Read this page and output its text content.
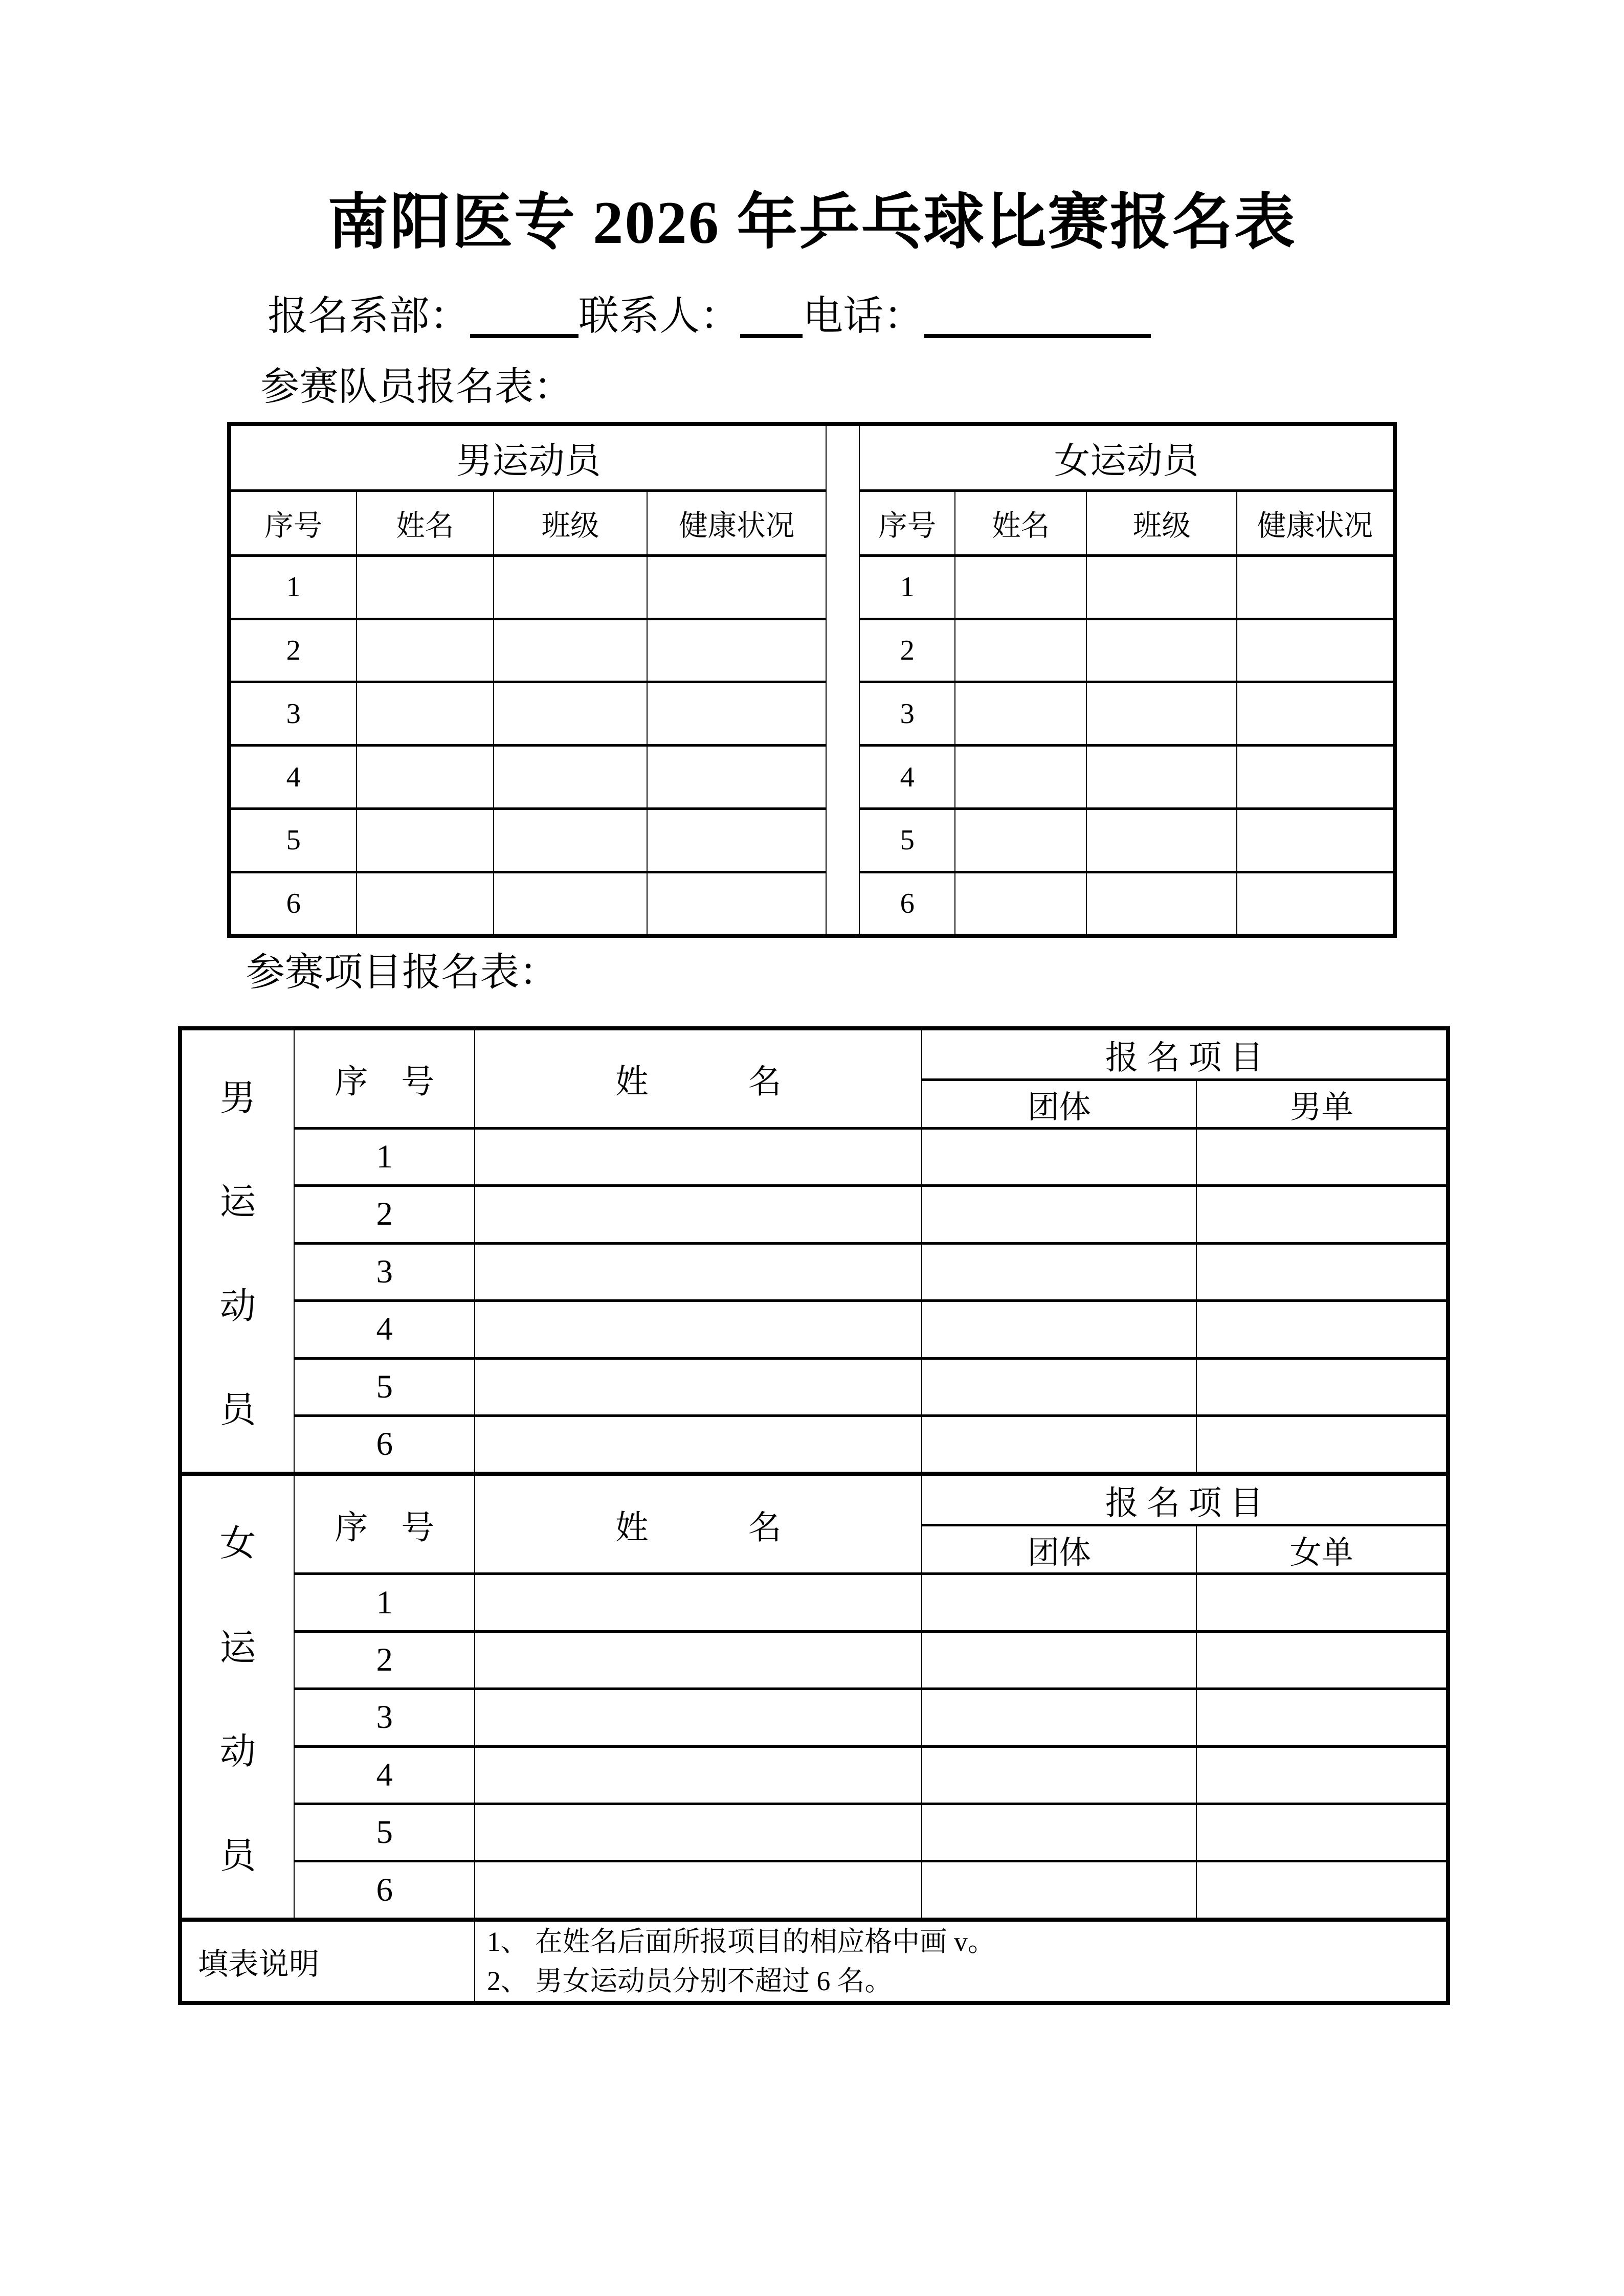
南阳医专 2026 年乒乓球比赛报名表
报名系部：	联系人：	电话：
参赛队员报名表：
男运动员					女运动员			
序号	姓名	班级	健康状况		序号	姓名	班级	健康状况
1					1			
2					2			
3					3			
4					4			
5					5			
6					6			
参赛项目报名表：
男
运
动
员	序　号	姓　　　名	报 名 项 目	
			团体	男单
	1			
	2			
	3			
	4			
	5			
	6			

女
运
动
员	序　号	姓　　　名	报 名 项 目	
			团体	女单
	1			
	2			
	3			
	4			
	5			
	6			
填表说明		1、 在姓名后面所报项目的相应格中画 v。
2、 男女运动员分别不超过 6 名。		
